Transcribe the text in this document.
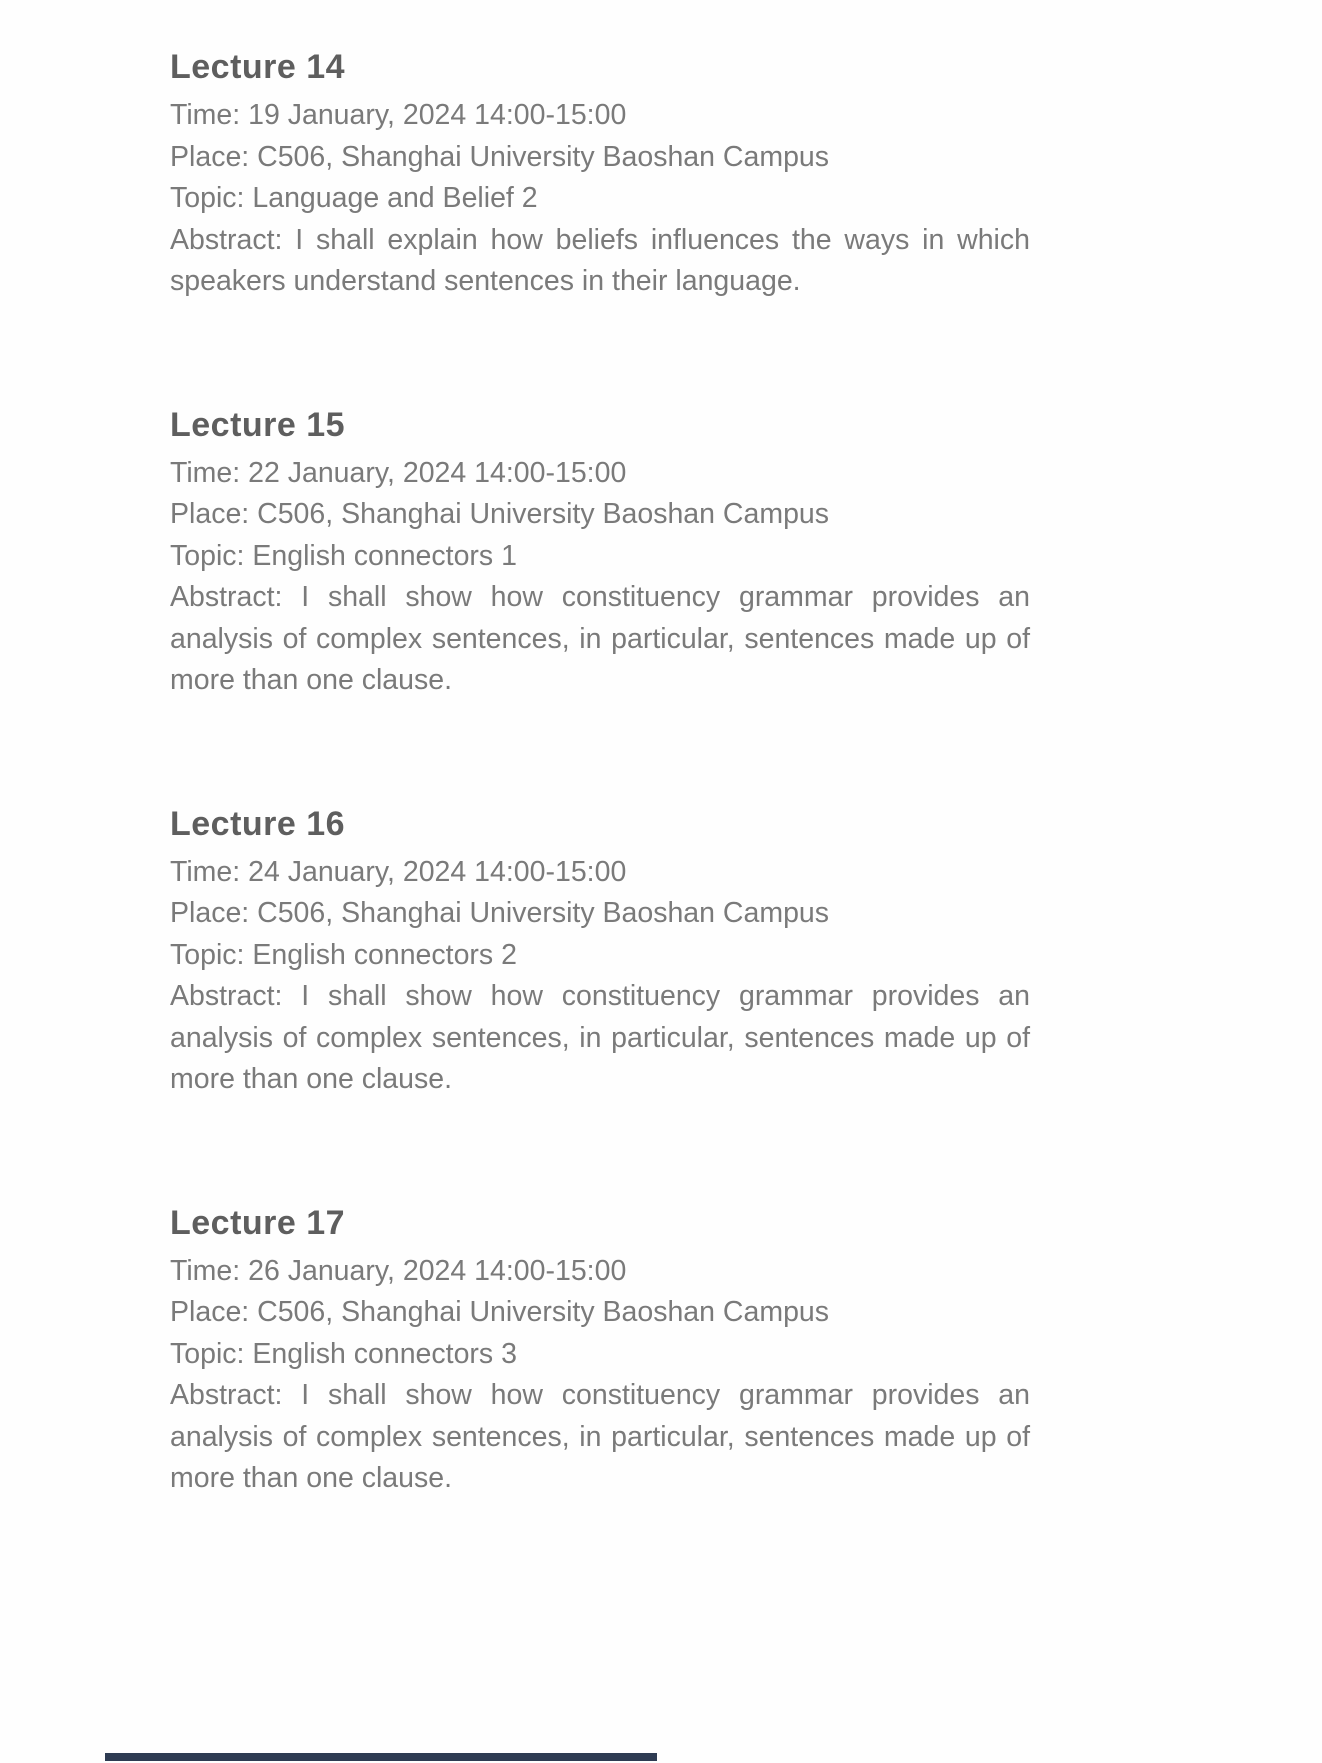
Lecture 14
Time: 19 January, 2024 14:00-15:00
Place: C506, Shanghai University Baoshan Campus
Topic: Language and Belief 2
Abstract: I shall explain how beliefs influences the ways in which speakers understand sentences in their language.
Lecture 15
Time: 22 January, 2024 14:00-15:00
Place: C506, Shanghai University Baoshan Campus
Topic: English connectors 1
Abstract: I shall show how constituency grammar provides an analysis of complex sentences, in particular, sentences made up of more than one clause.
Lecture 16
Time: 24 January, 2024 14:00-15:00
Place: C506, Shanghai University Baoshan Campus
Topic: English connectors 2
Abstract: I shall show how constituency grammar provides an analysis of complex sentences, in particular, sentences made up of more than one clause.
Lecture 17
Time: 26 January, 2024 14:00-15:00
Place: C506, Shanghai University Baoshan Campus
Topic: English connectors 3
Abstract: I shall show how constituency grammar provides an analysis of complex sentences, in particular, sentences made up of more than one clause.
